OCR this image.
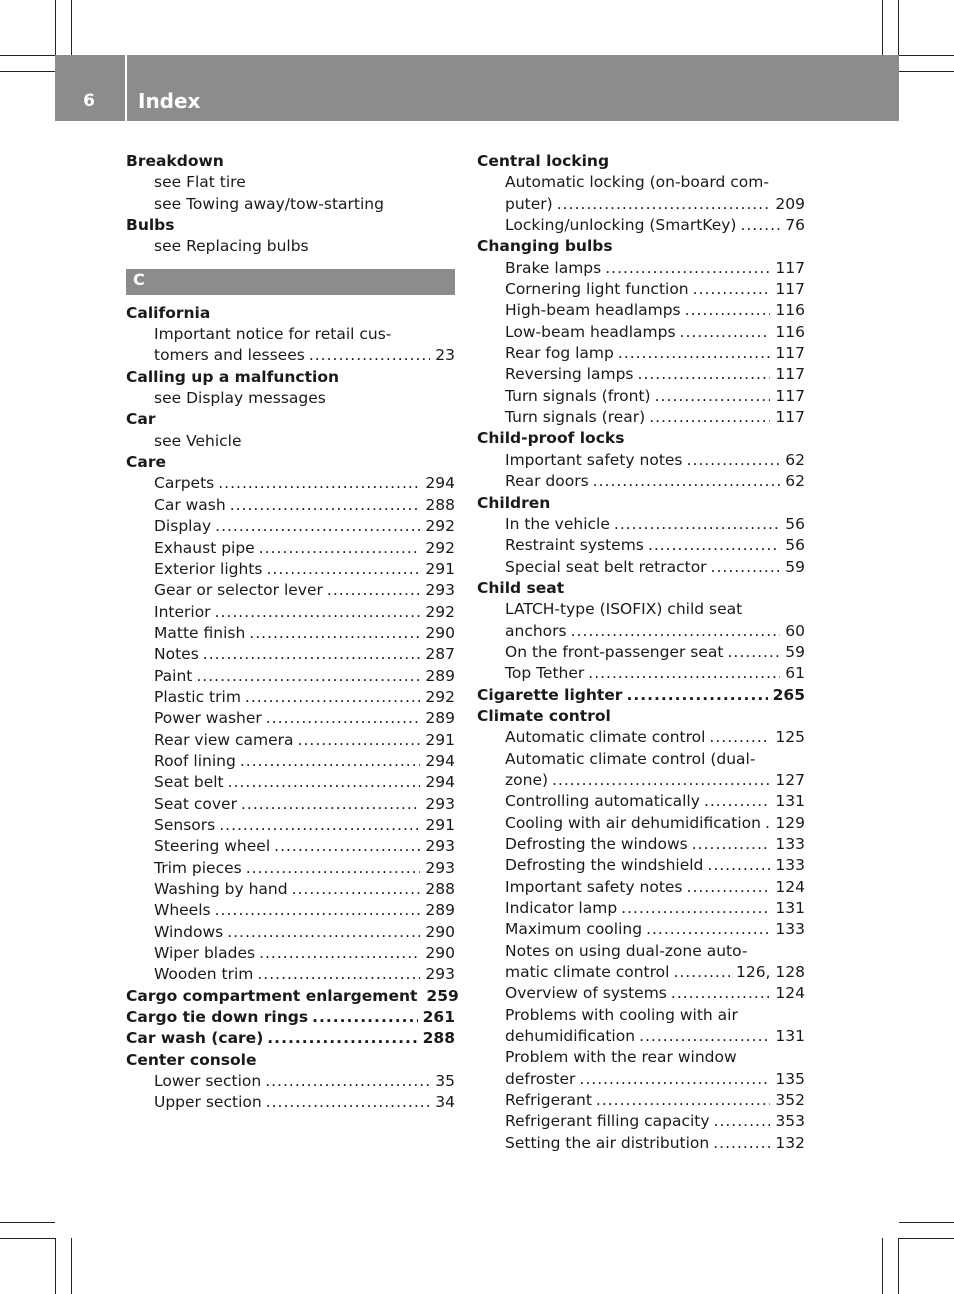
6	Index
Breakdown
see Flat tire
see Towing away/tow-starting
Bulbs
see Replacing bulbs
C
California
Important notice for retail cus-
tomers and lessees .....	23
Calling up a malfunction
see Display messages
Car
see Vehicle
Care
Carpets .....	294
Car wash .....	288
Display .....	292
Exhaust pipe .....	292
Exterior lights .....	291
Gear or selector lever .....	293
Interior .....	292
Matte finish .....	290
Notes .....	287
Paint .....	289
Plastic trim .....	292
Power washer .....	289
Rear view camera .....	291
Roof lining .....	294
Seat belt .....	294
Seat cover .....	293
Sensors .....	291
Steering wheel .....	293
Trim pieces .....	293
Washing by hand .....	288
Wheels .....	289
Windows .....	290
Wiper blades .....	290
Wooden trim .....	293
Cargo compartment enlargement 259
Cargo tie down rings .....	261
Car wash (care) .....	288
Center console
Lower section .....	35
Upper section .....	34
Central locking
Automatic locking (on-board com-
puter) .....	209
Locking/unlocking (SmartKey) .....	76
Changing bulbs
Brake lamps .....	117
Cornering light function .....	117
High-beam headlamps .....	116
Low-beam headlamps .....	116
Rear fog lamp .....	117
Reversing lamps .....	117
Turn signals (front) .....	117
Turn signals (rear) .....	117
Child-proof locks
Important safety notes .....	62
Rear doors .....	62
Children
In the vehicle .....	56
Restraint systems .....	56
Special seat belt retractor .....	59
Child seat
LATCH-type (ISOFIX) child seat
anchors .....	60
On the front-passenger seat .....	59
Top Tether .....	61
Cigarette lighter .....	265
Climate control
Automatic climate control .....	125
Automatic climate control (dual-
zone) .....	127
Controlling automatically .....	131
Cooling with air dehumidification ..... 129
Defrosting the windows .....	133
Defrosting the windshield .....	133
Important safety notes .....	124
Indicator lamp .....	131
Maximum cooling .....	133
Notes on using dual-zone auto-
matic climate control .....	126, 128
Overview of systems .....	124
Problems with cooling with air
dehumidification .....	131
Problem with the rear window
defroster .....	135
Refrigerant .....	352
Refrigerant filling capacity .....	353
Setting the air distribution .....	132
